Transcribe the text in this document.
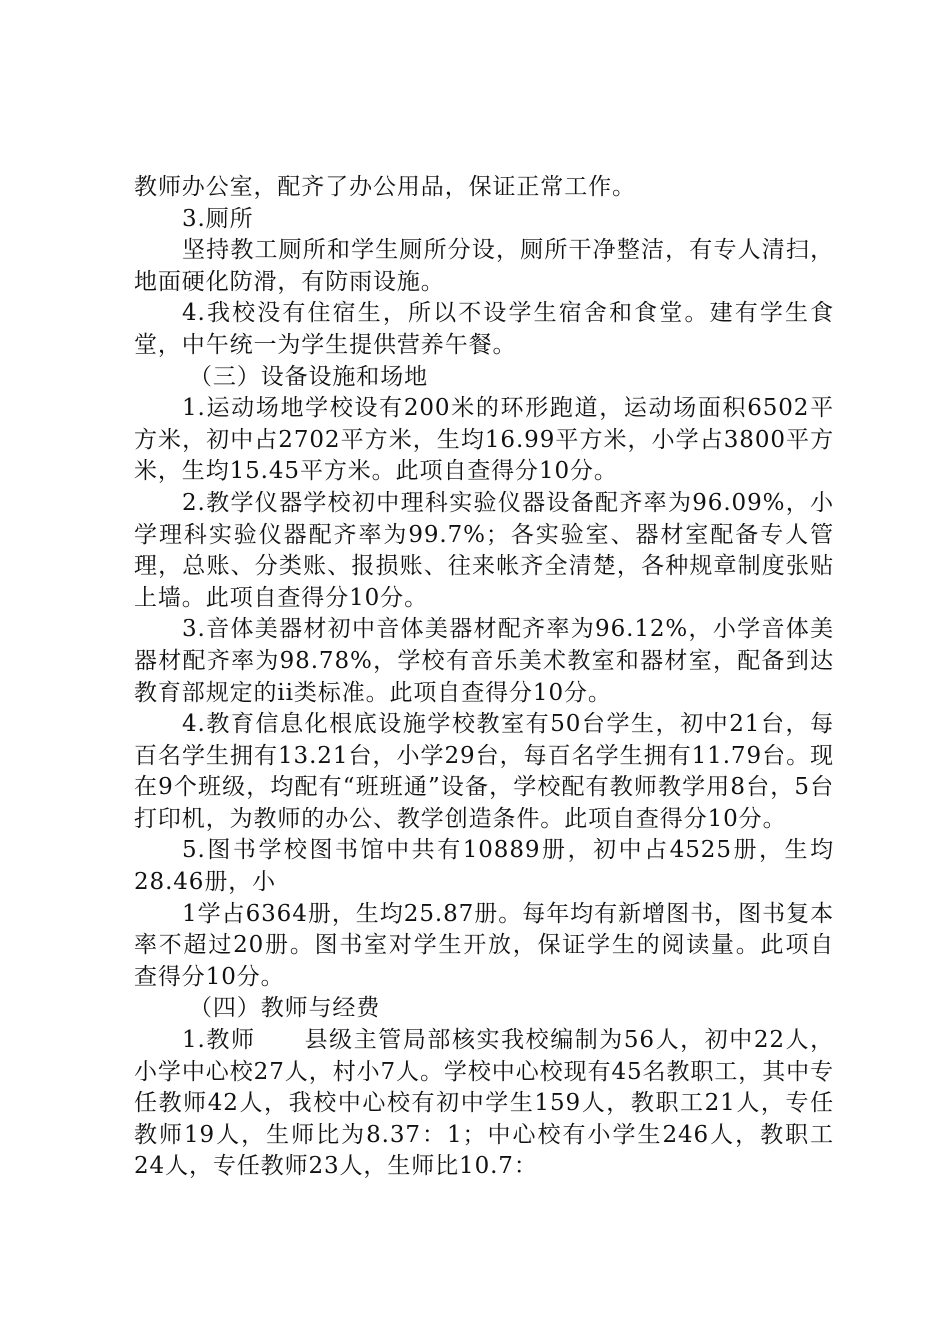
教师办公室，配齐了办公用品，保证正常工作。

3.厕所

坚持教工厕所和学生厕所分设，厕所干净整洁，有专人清扫，地面硬化防滑，有防雨设施。

4.我校没有住宿生，所以不设学生宿舍和食堂。建有学生食堂，中午统一为学生提供营养午餐。

（三）设备设施和场地

1.运动场地学校设有200米的环形跑道，运动场面积6502平方米，初中占2702平方米，生均16.99平方米，小学占3800平方米，生均15.45平方米。此项自查得分10分。

2.教学仪器学校初中理科实验仪器设备配齐率为96.09%，小学理科实验仪器配齐率为99.7%；各实验室、器材室配备专人管理，总账、分类账、报损账、往来帐齐全清楚，各种规章制度张贴上墙。此项自查得分10分。

3.音体美器材初中音体美器材配齐率为96.12%，小学音体美器材配齐率为98.78%，学校有音乐美术教室和器材室，配备到达教育部规定的ii类标准。此项自查得分10分。

4.教育信息化根底设施学校教室有50台学生，初中21台，每百名学生拥有13.21台，小学29台，每百名学生拥有11.79台。现在9个班级，均配有“班班通”设备，学校配有教师教学用8台，5台打印机，为教师的办公、教学创造条件。此项自查得分10分。

5.图书学校图书馆中共有10889册，初中占4525册，生均28.46册，小

1学占6364册，生均25.87册。每年均有新增图书，图书复本率不超过20册。图书室对学生开放，保证学生的阅读量。此项自查得分10分。

（四）教师与经费

1.教师　　县级主管局部核实我校编制为56人，初中22人，小学中心校27人，村小7人。学校中心校现有45名教职工，其中专任教师42人，我校中心校有初中学生159人，教职工21人，专任教师19人，生师比为8.37：1；中心校有小学生246人，教职工24人，专任教师23人，生师比10.7：
